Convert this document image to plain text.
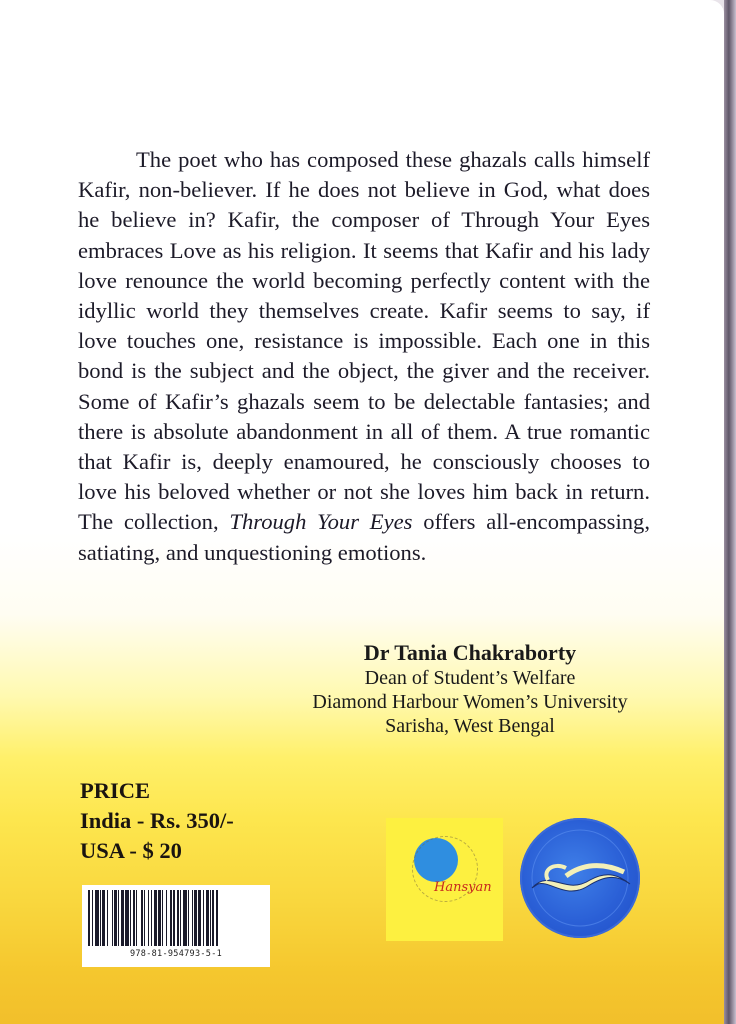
The poet who has composed these ghazals calls himself Kafir, non-believer. If he does not believe in God, what does he believe in? Kafir, the composer of Through Your Eyes embraces Love as his religion. It seems that Kafir and his lady love renounce the world becoming perfectly content with the idyllic world they themselves create. Kafir seems to say, if love touches one, resistance is impossible. Each one in this bond is the subject and the object, the giver and the receiver. Some of Kafir’s ghazals seem to be delectable fantasies; and there is absolute abandonment in all of them. A true romantic that Kafir is, deeply enamoured, he consciously chooses to love his beloved whether or not she loves him back in return. The collection, Through Your Eyes offers all-encompassing, satiating, and unquestioning emotions.

Dr Tania Chakraborty
Dean of Student’s Welfare
Diamond Harbour Women’s University
Sarisha, West Bengal
PRICE
India - Rs. 350/-
USA - $ 20
978-81-954793-5-1
Hansyan
